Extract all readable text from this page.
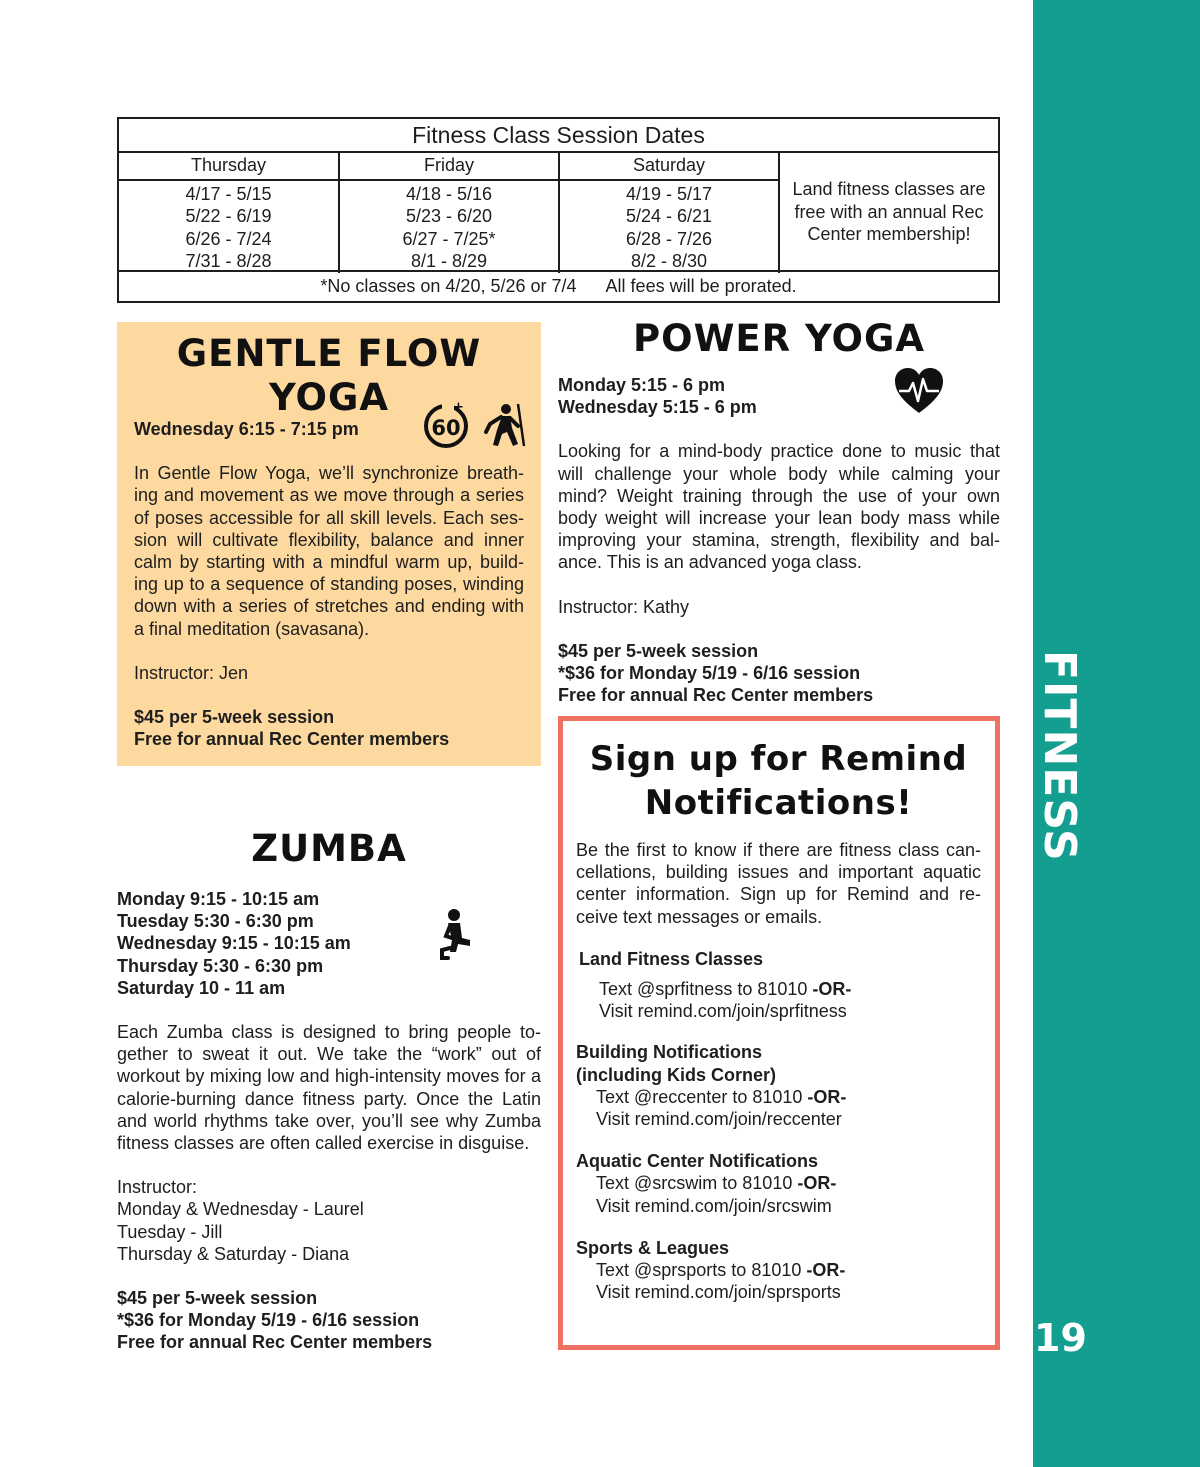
FITNESS
19
Fitness Class Session Dates
Thursday
4/17 - 5/15
5/22 - 6/19
6/26 - 7/24
7/31 - 8/28
Friday
4/18 - 5/16
5/23 - 6/20
6/27 - 7/25*
8/1 - 8/29
Saturday
4/19 - 5/17
5/24 - 6/21
6/28 - 7/26
8/2 - 8/30
Land fitness classes are free with an annual Rec Center membership!
*No classes on 4/20, 5/26 or 7/4 All fees will be prorated.
GENTLE FLOW
YOGA

Wednesday 6:15 - 7:15 pm

In Gentle Flow Yoga, we’ll synchronize breath-ing and movement as we move through a series of poses accessible for all skill levels. Each ses-sion will cultivate flexibility, balance and inner calm by starting with a mindful warm up, build-ing up to a sequence of standing poses, winding down with a series of stretches and ending with a final meditation (savasana).

Instructor: Jen

$45 per 5-week session

Free for annual Rec Center members

60
+
POWER YOGA

Monday 5:15 - 6 pm

Wednesday 5:15 - 6 pm

Looking for a mind-body practice done to music that will challenge your whole body while calming your mind? Weight training through the use of your own body weight will increase your lean body mass while improving your stamina, strength, flexibility and bal-ance. This is an advanced yoga class.

Instructor: Kathy

$45 per 5-week session

*$36 for Monday 5/19 - 6/16 session

Free for annual Rec Center members

ZUMBA

Monday 9:15 - 10:15 am

Tuesday 5:30 - 6:30 pm

Wednesday 9:15 - 10:15 am

Thursday 5:30 - 6:30 pm

Saturday 10 - 11 am

Each Zumba class is designed to bring people to-gether to sweat it out. We take the “work” out of workout by mixing low and high-intensity moves for a calorie-burning dance fitness party. Once the Latin and world rhythms take over, you’ll see why Zumba fitness classes are often called exercise in disguise.

Instructor:

Monday & Wednesday - Laurel

Tuesday - Jill

Thursday & Saturday - Diana

$45 per 5-week session

*$36 for Monday 5/19 - 6/16 session

Free for annual Rec Center members

Sign up for Remind
Notifications!

Be the first to know if there are fitness class can-cellations, building issues and important aquatic center information. Sign up for Remind and re-ceive text messages or emails.

Land Fitness Classes

Text @sprfitness to 81010 -OR-

Visit remind.com/join/sprfitness

Building Notifications

(including Kids Corner)

Text @reccenter to 81010 -OR-

Visit remind.com/join/reccenter

Aquatic Center Notifications

Text @srcswim to 81010 -OR-

Visit remind.com/join/srcswim

Sports & Leagues

Text @sprsports to 81010 -OR-

Visit remind.com/join/sprsports
